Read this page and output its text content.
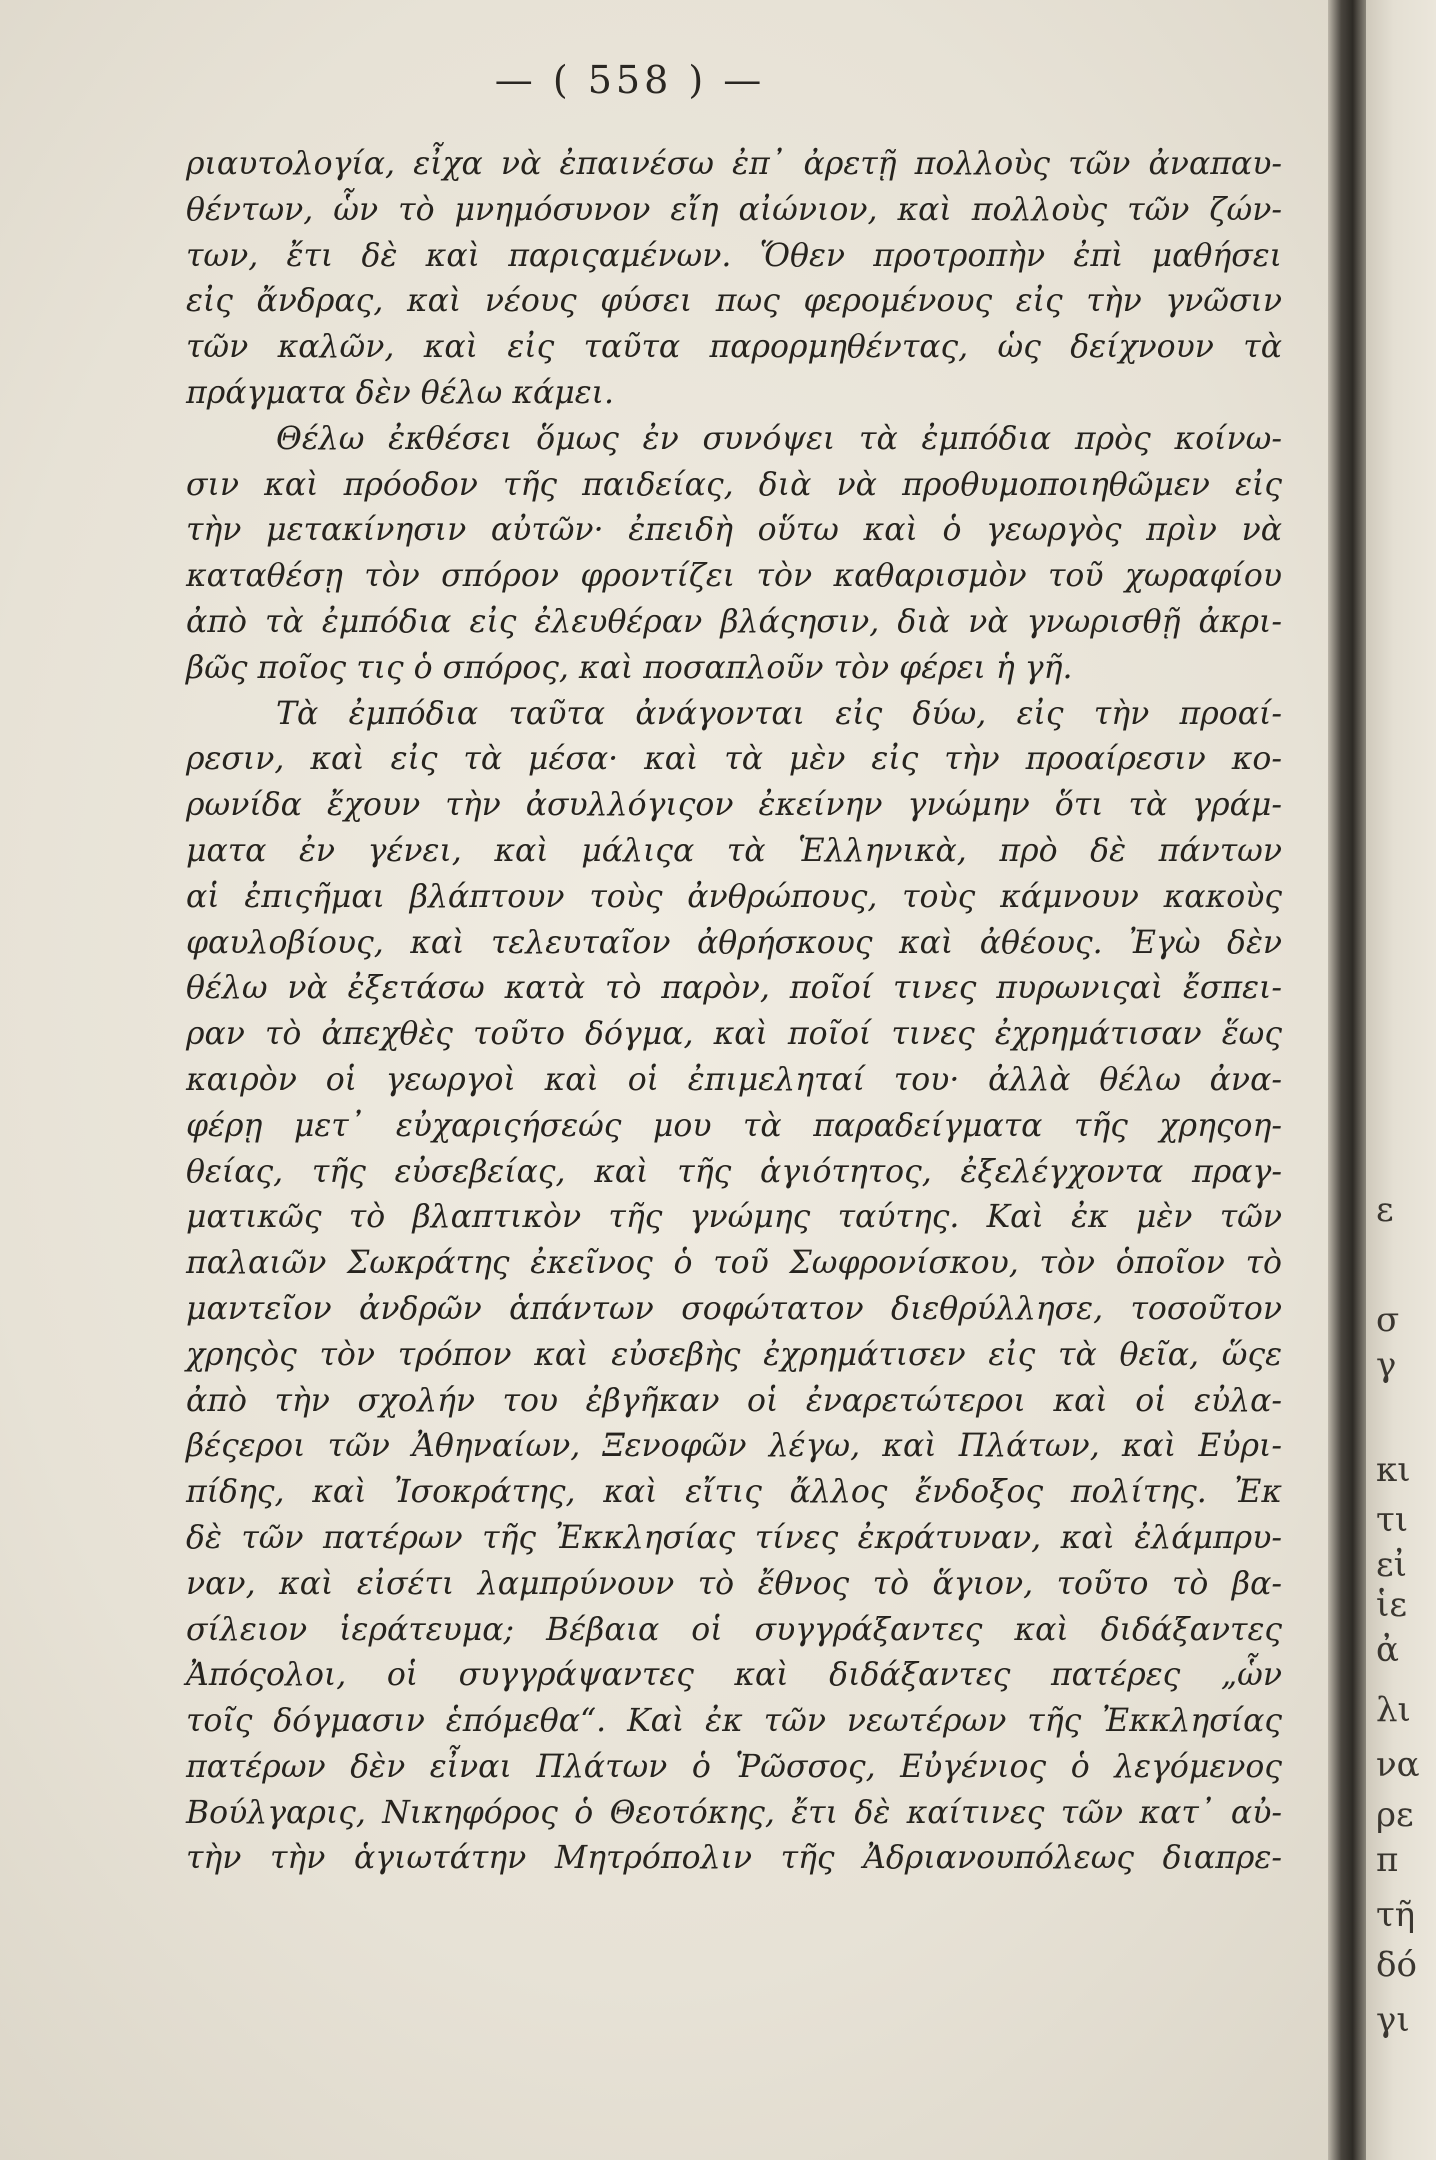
— ( 558 ) —
ριαυτολογία, εἶχα νὰ ἐπαινέσω ἐπ᾽ ἀρετῇ πολλοὺς τῶν ἀναπαυ-
θέντων, ὧν τὸ μνημόσυνον εἴη αἰώνιον, καὶ πολλοὺς τῶν ζών-
των, ἔτι δὲ καὶ παριςαμένων. Ὅθεν προτροπὴν ἐπὶ μαθήσει
εἰς ἄνδρας, καὶ νέους φύσει πως φερομένους εἰς τὴν γνῶσιν
τῶν καλῶν, καὶ εἰς ταῦτα παρορμηθέντας, ὡς δείχνουν τὰ
πράγματα δὲν θέλω κάμει.
Θέλω ἐκθέσει ὅμως ἐν συνόψει τὰ ἐμπόδια πρὸς κοίνω-
σιν καὶ πρόοδον τῆς παιδείας, διὰ νὰ προθυμοποιηθῶμεν εἰς
τὴν μετακίνησιν αὐτῶν· ἐπειδὴ οὕτω καὶ ὁ γεωργὸς πρὶν νὰ
καταθέσῃ τὸν σπόρον φροντίζει τὸν καθαρισμὸν τοῦ χωραφίου
ἀπὸ τὰ ἐμπόδια εἰς ἐλευθέραν βλάςησιν, διὰ νὰ γνωρισθῇ ἀκρι-
βῶς ποῖος τις ὁ σπόρος, καὶ ποσαπλοῦν τὸν φέρει ἡ γῆ.
Τὰ ἐμπόδια ταῦτα ἀνάγονται εἰς δύω, εἰς τὴν προαί-
ρεσιν, καὶ εἰς τὰ μέσα· καὶ τὰ μὲν εἰς τὴν προαίρεσιν κο-
ρωνίδα ἔχουν τὴν ἀσυλλόγιςον ἐκείνην γνώμην ὅτι τὰ γράμ-
ματα ἐν γένει, καὶ μάλιςα τὰ Ἑλληνικὰ, πρὸ δὲ πάντων
αἱ ἐπιςῆμαι βλάπτουν τοὺς ἀνθρώπους, τοὺς κάμνουν κακοὺς
φαυλοβίους, καὶ τελευταῖον ἀθρήσκους καὶ ἀθέους. Ἐγὼ δὲν
θέλω νὰ ἐξετάσω κατὰ τὸ παρὸν, ποῖοί τινες πυρωνιςαὶ ἔσπει-
ραν τὸ ἀπεχθὲς τοῦτο δόγμα, καὶ ποῖοί τινες ἐχρημάτισαν ἕως
καιρὸν οἱ γεωργοὶ καὶ οἱ ἐπιμεληταί του· ἀλλὰ θέλω ἀνα-
φέρῃ μετ᾽ εὐχαριςήσεώς μου τὰ παραδείγματα τῆς χρηςοη-
θείας, τῆς εὐσεβείας, καὶ τῆς ἁγιότητος, ἐξελέγχοντα πραγ-
ματικῶς τὸ βλαπτικὸν τῆς γνώμης ταύτης. Καὶ ἐκ μὲν τῶν
παλαιῶν Σωκράτης ἐκεῖνος ὁ τοῦ Σωφρονίσκου, τὸν ὁποῖον τὸ
μαντεῖον ἀνδρῶν ἁπάντων σοφώτατον διεθρύλλησε, τοσοῦτον
χρηςὸς τὸν τρόπον καὶ εὐσεβὴς ἐχρημάτισεν εἰς τὰ θεῖα, ὥςε
ἀπὸ τὴν σχολήν του ἐβγῆκαν οἱ ἐναρετώτεροι καὶ οἱ εὐλα-
βέςεροι τῶν Ἀθηναίων, Ξενοφῶν λέγω, καὶ Πλάτων, καὶ Εὐρι-
πίδης, καὶ Ἰσοκράτης, καὶ εἴτις ἄλλος ἔνδοξος πολίτης. Ἐκ
δὲ τῶν πατέρων τῆς Ἐκκλησίας τίνες ἐκράτυναν, καὶ ἐλάμπρυ-
ναν, καὶ εἰσέτι λαμπρύνουν τὸ ἔθνος τὸ ἅγιον, τοῦτο τὸ βα-
σίλειον ἱεράτευμα; Βέβαια οἱ συγγράξαντες καὶ διδάξαντες
Ἀπόςολοι, οἱ συγγράψαντες καὶ διδάξαντες πατέρες „ὧν
τοῖς δόγμασιν ἑπόμεθα“. Καὶ ἐκ τῶν νεωτέρων τῆς Ἐκκλησίας
πατέρων δὲν εἶναι Πλάτων ὁ Ῥῶσσος, Εὐγένιος ὁ λεγόμενος
Βούλγαρις, Νικηφόρος ὁ Θεοτόκης, ἔτι δὲ καίτινες τῶν κατ᾽ αὐ-
τὴν τὴν ἁγιωτάτην Μητρόπολιν τῆς Ἀδριανουπόλεως διαπρε-
ε
σ
γ
κι
τι
εἰ
ἱε
ἀ
λι
να
ρε
π
τῆ
δό
γι
